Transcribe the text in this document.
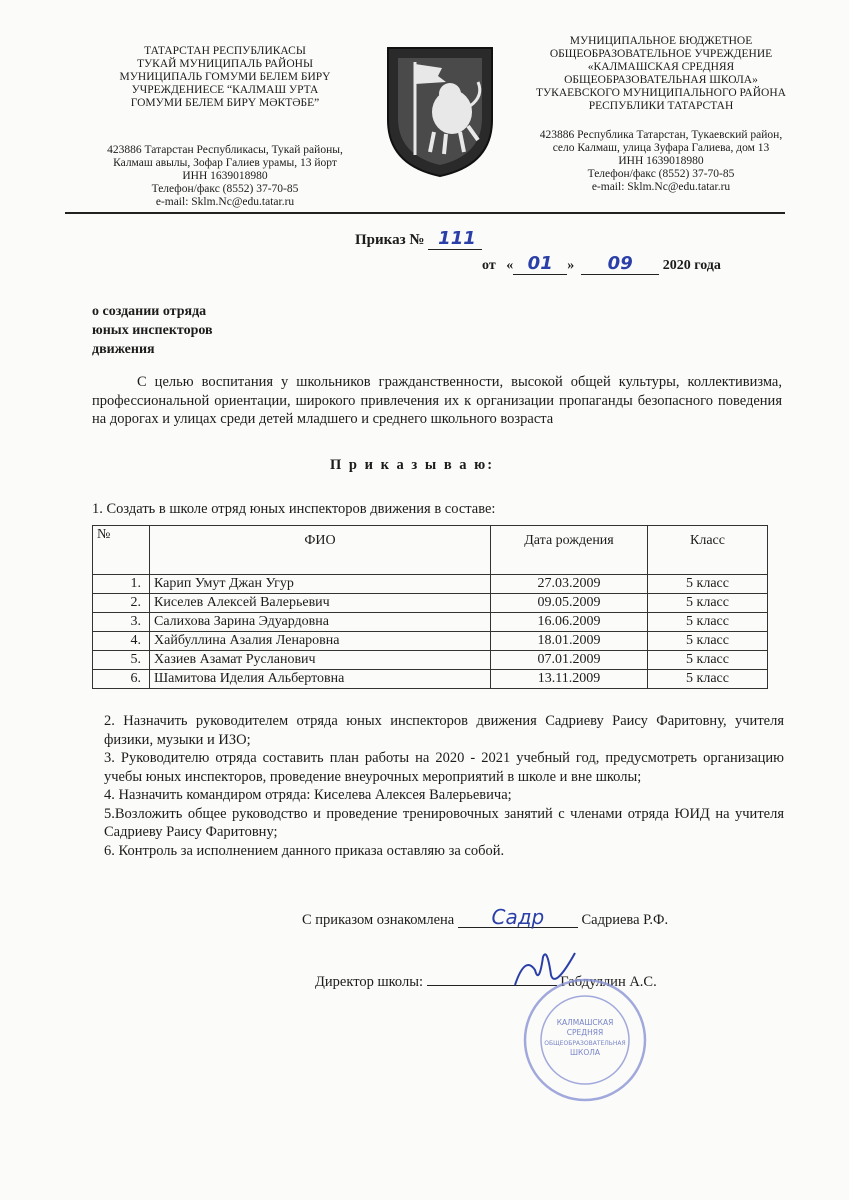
ТАТАРСТАН РЕСПУБЛИКАСЫ
ТУКАЙ МУНИЦИПАЛЬ РАЙОНЫ
МУНИЦИПАЛЬ ГОМУМИ БЕЛЕМ БИРҮ
УЧРЕЖДЕНИЕСЕ “КАЛМАШ УРТА
ГОМУМИ БЕЛЕМ БИРҮ МӘКТӘБЕ”
423886 Татарстан Республикасы, Тукай районы,
Калмаш авылы, Зофар Галиев урамы, 13 йорт
ИНН 1639018980
Телефон/факс (8552) 37-70-85
e-mail: Sklm.Nc@edu.tatar.ru
МУНИЦИПАЛЬНОЕ БЮДЖЕТНОЕ
ОБЩЕОБРАЗОВАТЕЛЬНОЕ УЧРЕЖДЕНИЕ
«КАЛМАШСКАЯ СРЕДНЯЯ
ОБЩЕОБРАЗОВАТЕЛЬНАЯ ШКОЛА»
ТУКАЕВСКОГО МУНИЦИПАЛЬНОГО РАЙОНА
РЕСПУБЛИКИ ТАТАРСТАН
423886 Республика Татарстан, Тукаевский район,
село Калмаш, улица Зуфара Галиева, дом 13
ИНН 1639018980
Телефон/факс (8552) 37-70-85
e-mail: Sklm.Nc@edu.tatar.ru
Приказ № 111
от « 01 » 09 2020 года
о создании отряда
юных инспекторов
движения
С целью воспитания у школьников гражданственности, высокой общей культуры, коллективизма, профессиональной ориентации, широкого привлечения их к организации пропаганды безопасного поведения на дорогах и улицах среди детей младшего и среднего школьного возраста
П р и к а з ы в а ю:
1. Создать в школе отряд юных инспекторов движения в составе:
№	ФИО	Дата рождения	Класс
1.	Карип Умут Джан Угур	27.03.2009	5 класс
2.	Киселев Алексей Валерьевич	09.05.2009	5 класс
3.	Салихова Зарина Эдуардовна	16.06.2009	5 класс
4.	Хайбуллина Азалия Ленаровна	18.01.2009	5 класс
5.	Хазиев Азамат Русланович	07.01.2009	5 класс
6.	Шамитова Иделия Альбертовна	13.11.2009	5 класс
2. Назначить руководителем отряда юных инспекторов движения Садриеву Раису Фаритовну, учителя физики, музыки и ИЗО;
3. Руководителю отряда составить план работы на 2020 - 2021 учебный год, предусмотреть организацию учебы юных инспекторов, проведение внеурочных мероприятий в школе и вне школы;
4. Назначить командиром отряда: Киселева Алексея Валерьевича;
5.Возложить общее руководство и проведение тренировочных занятий с членами отряда ЮИД на учителя Садриеву Раису Фаритовну;
6. Контроль за исполнением данного приказа оставляю за собой.
С приказом ознакомлена Садр	Садриева Р.Ф.
Директор школы:	Габдуллин А.С.
КАЛМАШСКАЯ
СРЕДНЯЯ
ОБЩЕОБРАЗОВАТЕЛЬНАЯ
ШКОЛА
